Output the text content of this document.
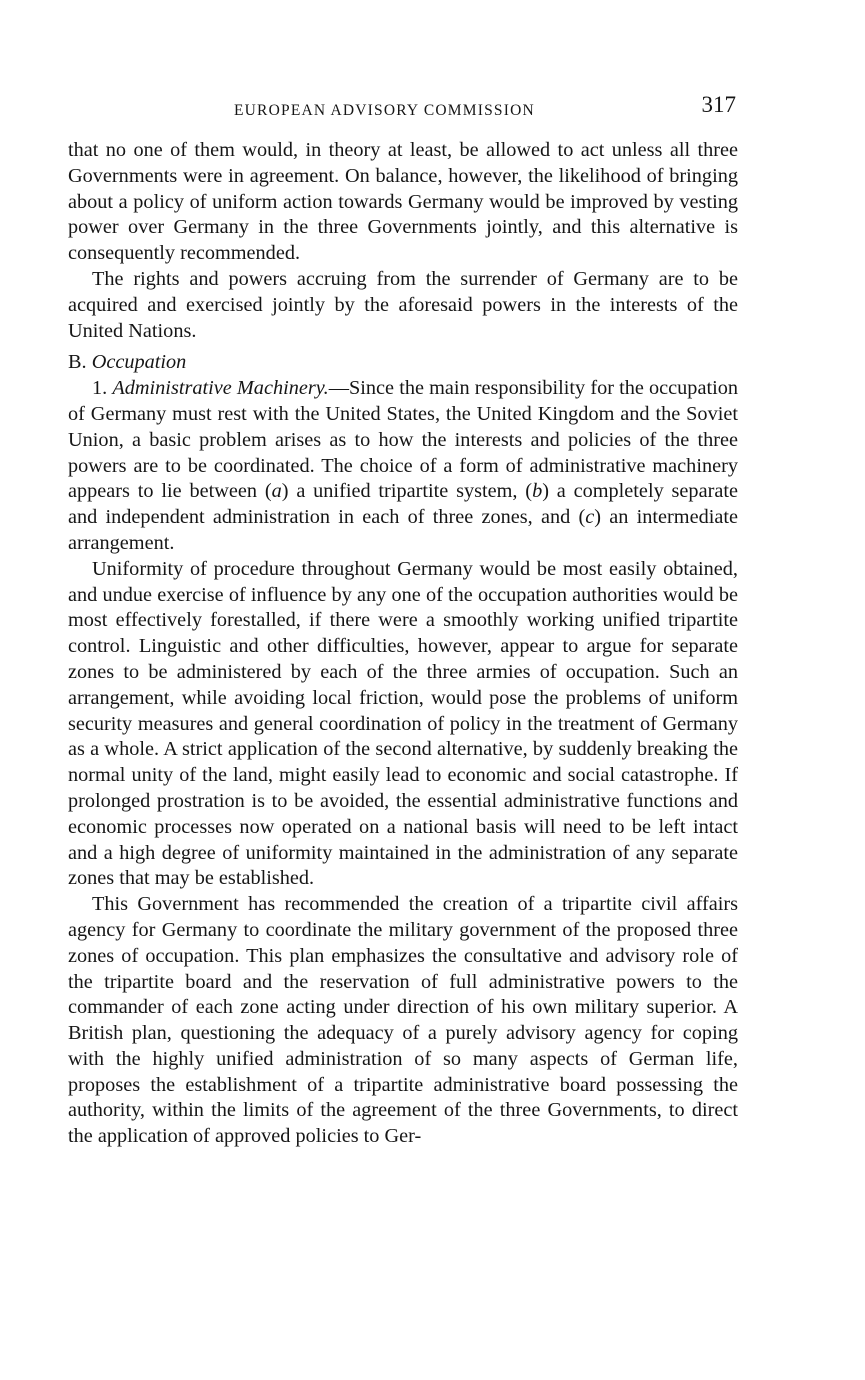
EUROPEAN ADVISORY COMMISSION	317

that no one of them would, in theory at least, be allowed to act unless all three Governments were in agreement. On balance, however, the likelihood of bringing about a policy of uniform action towards Germany would be improved by vesting power over Germany in the three Governments jointly, and this alternative is consequently recommended.

The rights and powers accruing from the surrender of Germany are to be acquired and exercised jointly by the aforesaid powers in the interests of the United Nations.

B. Occupation

1. Administrative Machinery.—Since the main responsibility for the occupation of Germany must rest with the United States, the United Kingdom and the Soviet Union, a basic problem arises as to how the interests and policies of the three powers are to be coordinated. The choice of a form of administrative machinery appears to lie between (a) a unified tripartite system, (b) a completely separate and independent administration in each of three zones, and (c) an intermediate arrangement.

Uniformity of procedure throughout Germany would be most easily obtained, and undue exercise of influence by any one of the occupation authorities would be most effectively forestalled, if there were a smoothly working unified tripartite control. Linguistic and other difficulties, however, appear to argue for separate zones to be administered by each of the three armies of occupation. Such an arrangement, while avoiding local friction, would pose the problems of uniform security measures and general coordination of policy in the treatment of Germany as a whole. A strict application of the second alternative, by suddenly breaking the normal unity of the land, might easily lead to economic and social catastrophe. If prolonged prostration is to be avoided, the essential administrative functions and economic processes now operated on a national basis will need to be left intact and a high degree of uniformity maintained in the administration of any separate zones that may be established.

This Government has recommended the creation of a tripartite civil affairs agency for Germany to coordinate the military government of the proposed three zones of occupation. This plan emphasizes the consultative and advisory role of the tripartite board and the reservation of full administrative powers to the commander of each zone acting under direction of his own military superior. A British plan, questioning the adequacy of a purely advisory agency for coping with the highly unified administration of so many aspects of German life, proposes the establishment of a tripartite administrative board possessing the authority, within the limits of the agreement of the three Governments, to direct the application of approved policies to Ger-
